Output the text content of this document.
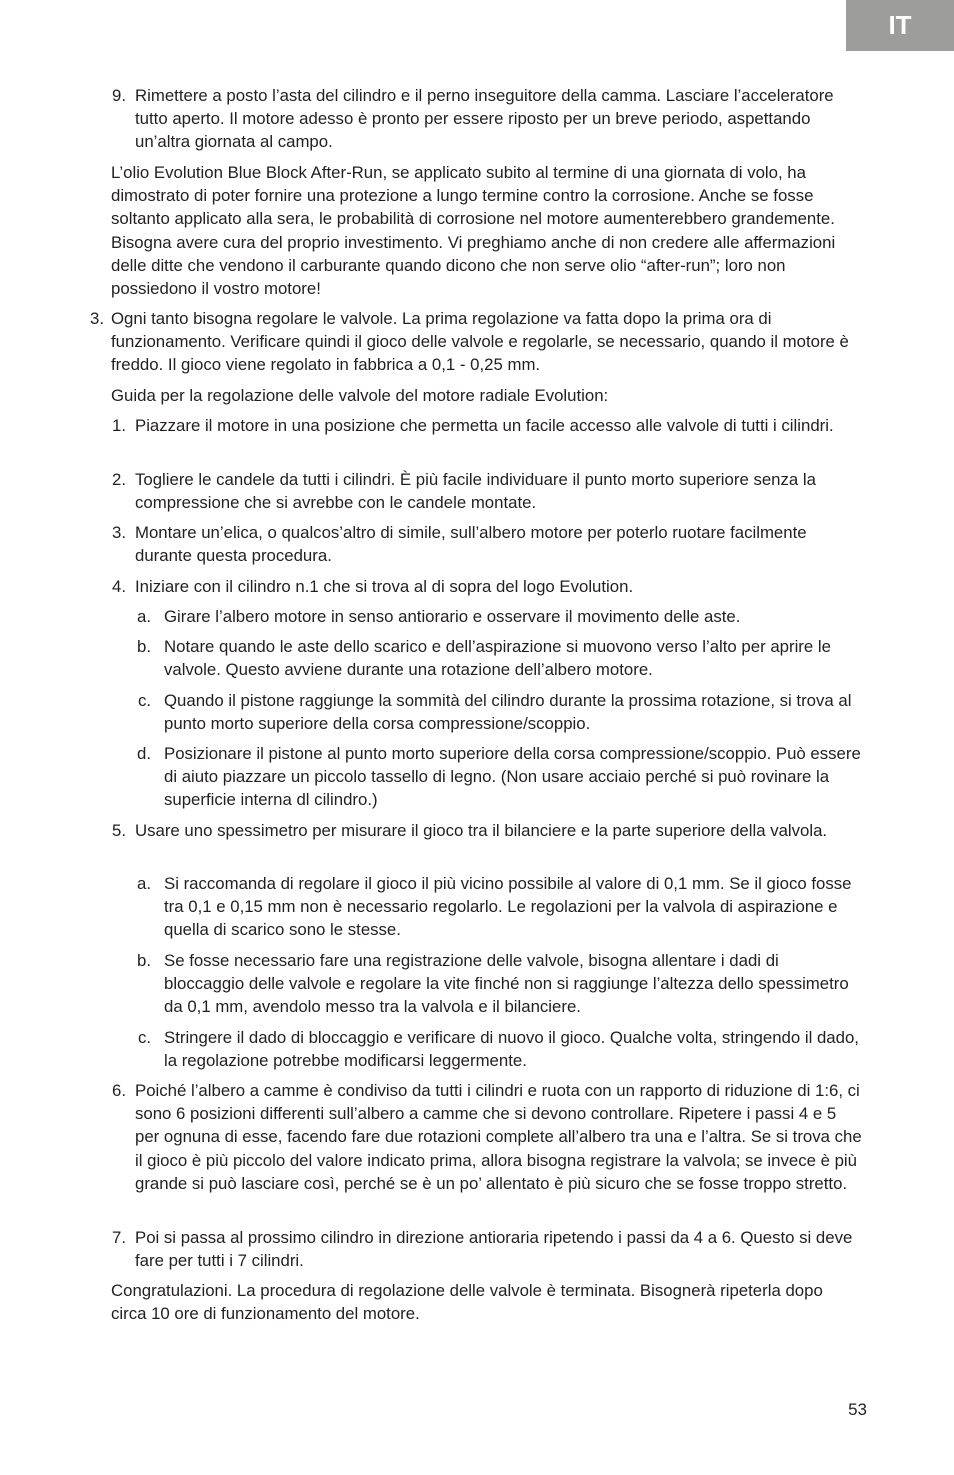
IT
9. Rimettere a posto l’asta del cilindro e il perno inseguitore della camma. Lasciare l’acceleratore tutto aperto. Il motore adesso è pronto per essere riposto per un breve periodo, aspettando un’altra giornata al campo.
L’olio Evolution Blue Block After-Run, se applicato subito al termine di una giornata di volo, ha dimostrato di poter fornire una protezione a lungo termine contro la corrosione. Anche se fosse soltanto applicato alla sera, le probabilità di corrosione nel motore aumenterebbero grandemente. Bisogna avere cura del proprio investimento. Vi preghiamo anche di non credere alle affermazioni delle ditte che vendono il carburante quando dicono che non serve olio “after-run”; loro non possiedono il vostro motore!
3. Ogni tanto bisogna regolare le valvole. La prima regolazione va fatta dopo la prima ora di funzionamento. Verificare quindi il gioco delle valvole e regolarle, se necessario, quando il motore è freddo. Il gioco viene regolato in fabbrica a 0,1 - 0,25 mm.
Guida per la regolazione delle valvole del motore radiale Evolution:
1. Piazzare il motore in una posizione che permetta un facile accesso alle valvole di tutti i cilindri.
2. Togliere le candele da tutti i cilindri. È più facile individuare il punto morto superiore senza la compressione che si avrebbe con le candele montate.
3. Montare un’elica, o qualcos’altro di simile, sull’albero motore per poterlo ruotare facilmente durante questa procedura.
4. Iniziare con il cilindro n.1 che si trova al di sopra del logo Evolution.
a. Girare l’albero motore in senso antiorario e osservare il movimento delle aste.
b. Notare quando le aste dello scarico e dell’aspirazione si muovono verso l’alto per aprire le valvole. Questo avviene durante una rotazione dell’albero motore.
c. Quando il pistone raggiunge la sommità del cilindro durante la prossima rotazione, si trova al punto morto superiore della corsa compressione/scoppio.
d. Posizionare il pistone al punto morto superiore della corsa compressione/scoppio. Può essere di aiuto piazzare un piccolo tassello di legno. (Non usare acciaio perché si può rovinare la superficie interna dl cilindro.)
5. Usare uno spessimetro per misurare il gioco tra il bilanciere e la parte superiore della valvola.
a. Si raccomanda di regolare il gioco il più vicino possibile al valore di 0,1 mm. Se il gioco fosse tra 0,1 e 0,15 mm non è necessario regolarlo. Le regolazioni per la valvola di aspirazione e quella di scarico sono le stesse.
b. Se fosse necessario fare una registrazione delle valvole, bisogna allentare i dadi di bloccaggio delle valvole e regolare la vite finché non si raggiunge l’altezza dello spessimetro da 0,1 mm, avendolo messo tra la valvola e il bilanciere.
c. Stringere il dado di bloccaggio e verificare di nuovo il gioco. Qualche volta, stringendo il dado, la regolazione potrebbe modificarsi leggermente.
6. Poiché l’albero a camme è condiviso da tutti i cilindri e ruota con un rapporto di riduzione di 1:6, ci sono 6 posizioni differenti sull’albero a camme che si devono controllare. Ripetere i passi 4 e 5 per ognuna di esse, facendo fare due rotazioni complete all’albero tra una e l’altra. Se si trova che il gioco è più piccolo del valore indicato prima, allora bisogna registrare la valvola; se invece è più grande si può lasciare così, perché se è un po’ allentato è più sicuro che se fosse troppo stretto.
7. Poi si passa al prossimo cilindro in direzione antioraria ripetendo i passi da 4 a 6. Questo si deve fare per tutti i 7 cilindri.
Congratulazioni. La procedura di regolazione delle valvole è terminata. Bisognerà ripeterla dopo circa 10 ore di funzionamento del motore.
53
